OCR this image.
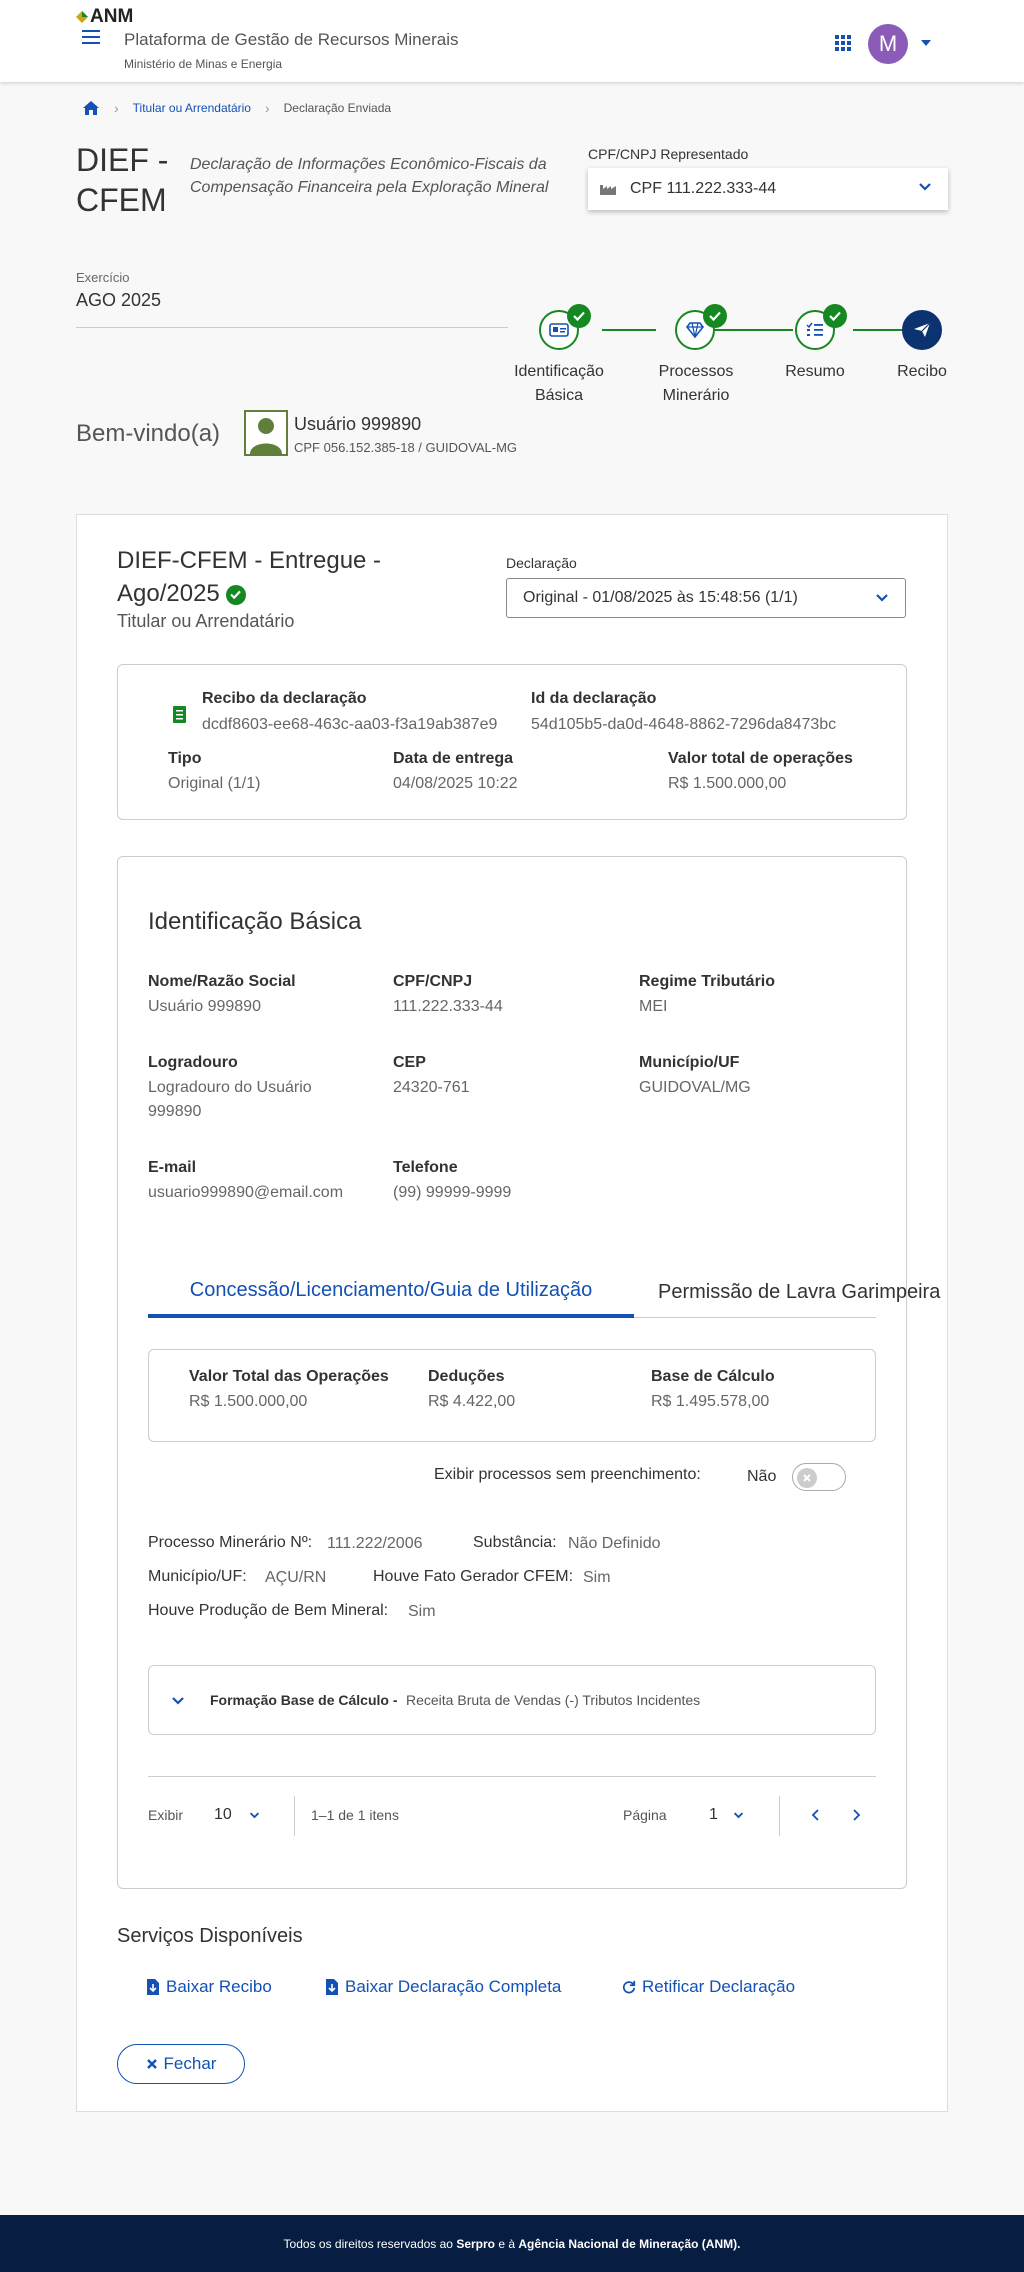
ANM
Plataforma de Gestão de Recursos Minerais
Ministério de Minas e Energia
M
› Titular ou Arrendatário › Declaração Enviada
DIEF - CFEM
Declaração de Informações Econômico-Fiscais da Compensação Financeira pela Exploração Mineral
CPF/CNPJ Representado
CPF 111.222.333-44
Exercício
AGO 2025
Identificação Básica
Processos Minerário
Resumo	Recibo
Bem-vindo(a)	Usuário 999890
CPF 056.152.385-18 / GUIDOVAL-MG
DIEF-CFEM - Entregue - Ago/2025
Titular ou Arrendatário
Declaração
Original - 01/08/2025 às 15:48:56 (1/1)
Recibo da declaração
dcdf8603-ee68-463c-aa03-f3a19ab387e9
Id da declaração
54d105b5-da0d-4648-8862-7296da8473bc
Tipo
Original (1/1)
Data de entrega
04/08/2025 10:22
Valor total de operações
R$ 1.500.000,00
Identificação Básica
Nome/Razão Social
Usuário 999890
CPF/CNPJ
111.222.333-44
Regime Tributário
MEI
Logradouro
Logradouro do Usuário 999890
CEP
24320-761
Município/UF
GUIDOVAL/MG
E-mail
usuario999890@email.com
Telefone
(99) 99999-9999
Concessão/Licenciamento/Guia de Utilização	Permissão de Lavra Garimpeira
Valor Total das Operações
R$ 1.500.000,00
Deduções
R$ 4.422,00
Base de Cálculo
R$ 1.495.578,00
Exibir processos sem preenchimento:	Não
Processo Minerário Nº: 111.222/2006	Substância: Não Definido
Município/UF: AÇU/RN	Houve Fato Gerador CFEM: Sim
Houve Produção de Bem Mineral: Sim
Formação Base de Cálculo - Receita Bruta de Vendas (-) Tributos Incidentes
Exibir 10	1–1 de 1 itens	Página	1
Serviços Disponíveis
Baixar Recibo	Baixar Declaração Completa	Retificar Declaração
Fechar
Todos os direitos reservados ao
Serpro
e à
Agência Nacional de Mineração (ANM).
